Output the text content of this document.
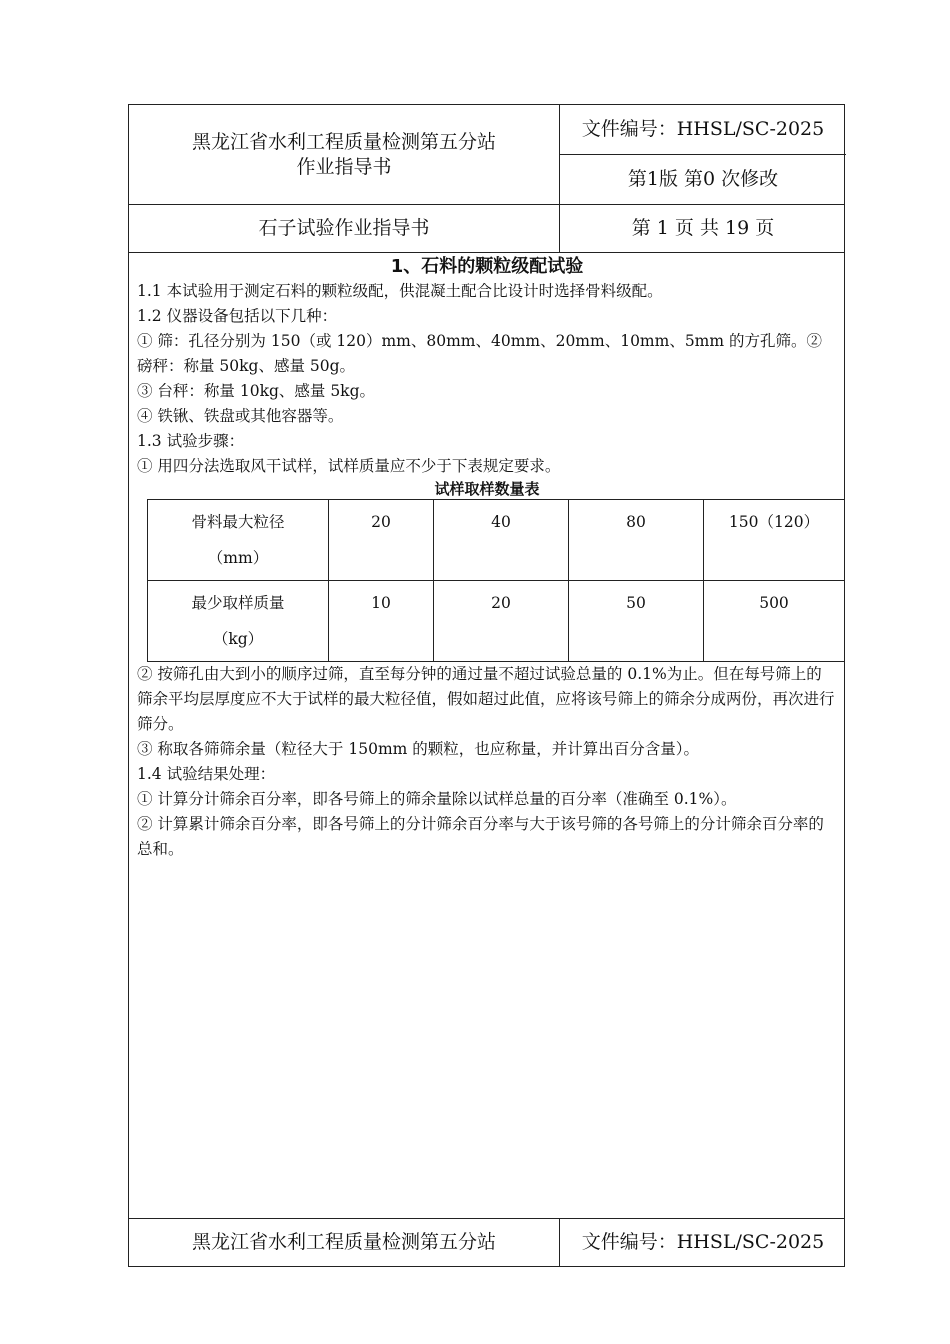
黑龙江省水利工程质量检测第五分站
作业指导书
文件编号：HHSL/SC-2025
第1版 第0 次修改
石子试验作业指导书	第 1 页 共 19 页

1、石料的颗粒级配试验

1.1 本试验用于测定石料的颗粒级配，供混凝土配合比设计时选择骨料级配。

1.2 仪器设备包括以下几种：

① 筛：孔径分别为 150（或 120）mm、80mm、40mm、20mm、10mm、5mm 的方孔筛。②磅秤：称量 50kg、感量 50g。

③ 台秤：称量 10kg、感量 5kg。

④ 铁锹、铁盘或其他容器等。

1.3 试验步骤：

① 用四分法选取风干试样，试样质量应不少于下表规定要求。

试样取样数量表

骨料最大粒径
（mm）	20	40	80	150（120）

最少取样质量
（kg）	10	20	50	500

② 按筛孔由大到小的顺序过筛，直至每分钟的通过量不超过试验总量的 0.1%为止。但在每号筛上的筛余平均层厚度应不大于试样的最大粒径值，假如超过此值，应将该号筛上的筛余分成两份，再次进行筛分。

③ 称取各筛筛余量（粒径大于 150mm 的颗粒，也应称量，并计算出百分含量）。

1.4 试验结果处理：

① 计算分计筛余百分率，即各号筛上的筛余量除以试样总量的百分率（准确至 0.1%）。

② 计算累计筛余百分率，即各号筛上的分计筛余百分率与大于该号筛的各号筛上的分计筛余百分率的总和。

黑龙江省水利工程质量检测第五分站	文件编号：HHSL/SC-2025
